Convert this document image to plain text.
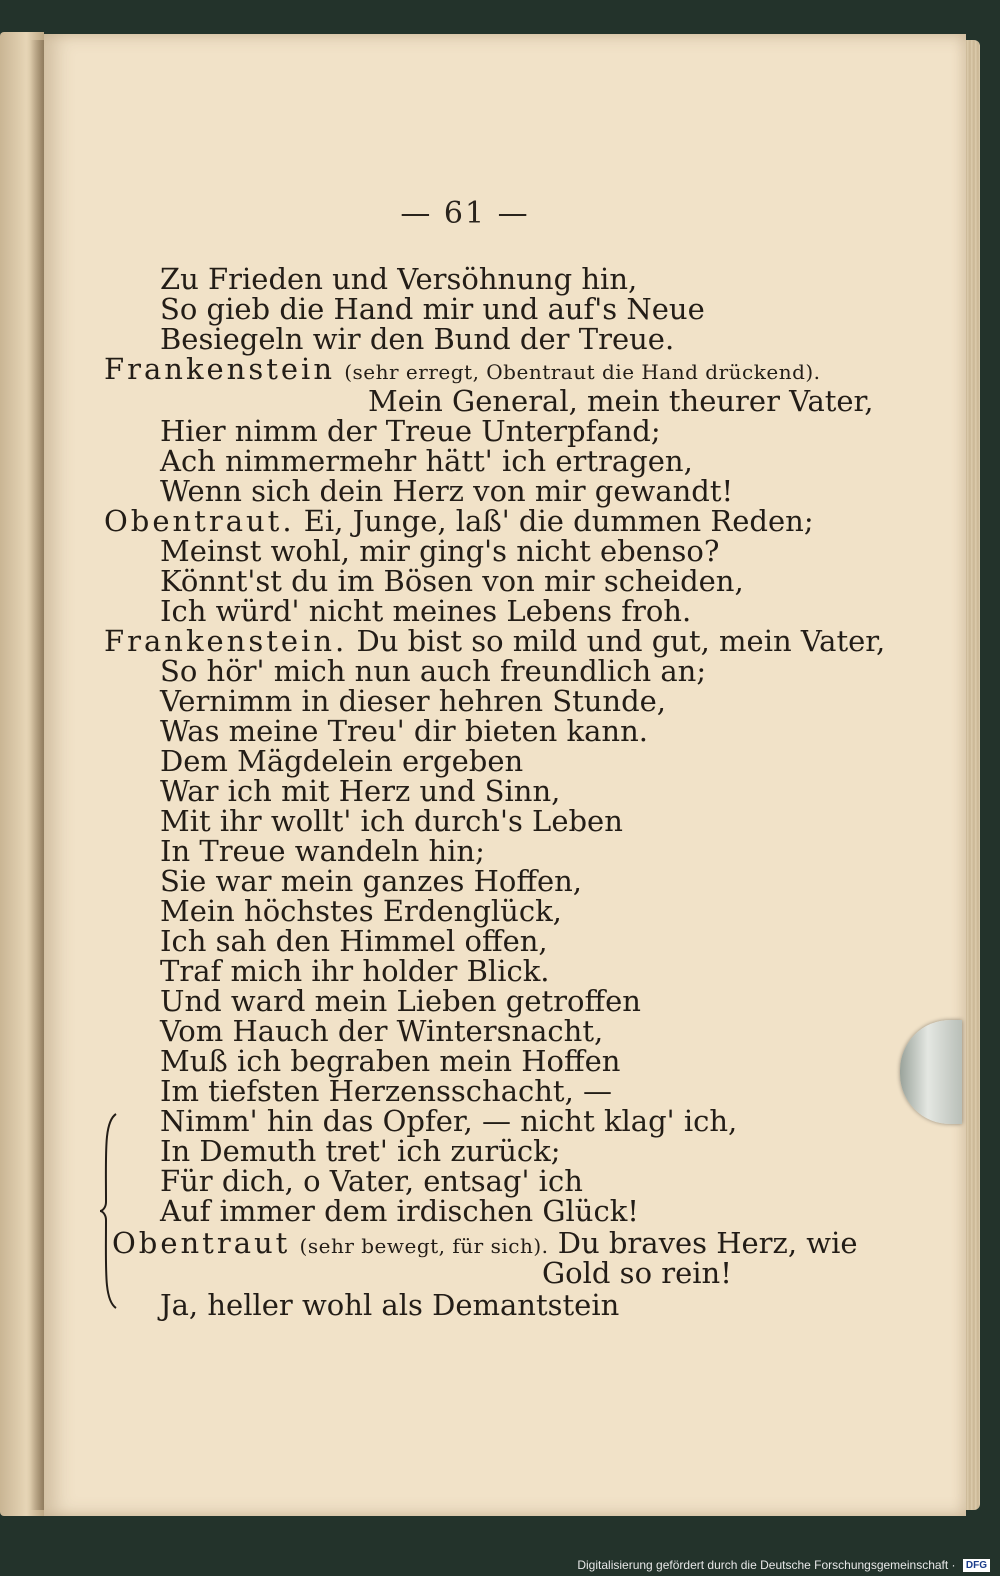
— 61 —
Zu Frieden und Versöhnung hin,
So gieb die Hand mir und auf's Neue
Besiegeln wir den Bund der Treue.
Frankenstein (sehr erregt, Obentraut die Hand drückend).
Mein General, mein theurer Vater,
Hier nimm der Treue Unterpfand;
Ach nimmermehr hätt' ich ertragen,
Wenn sich dein Herz von mir gewandt!
Obentraut. Ei, Junge, laß' die dummen Reden;
Meinst wohl, mir ging's nicht ebenso?
Könnt'st du im Bösen von mir scheiden,
Ich würd' nicht meines Lebens froh.
Frankenstein. Du bist so mild und gut, mein Vater,
So hör' mich nun auch freundlich an;
Vernimm in dieser hehren Stunde,
Was meine Treu' dir bieten kann.
Dem Mägdelein ergeben
War ich mit Herz und Sinn,
Mit ihr wollt' ich durch's Leben
In Treue wandeln hin;
Sie war mein ganzes Hoffen,
Mein höchstes Erdenglück,
Ich sah den Himmel offen,
Traf mich ihr holder Blick.
Und ward mein Lieben getroffen
Vom Hauch der Wintersnacht,
Muß ich begraben mein Hoffen
Im tiefsten Herzensschacht, —
Nimm' hin das Opfer, — nicht klag' ich,
In Demuth tret' ich zurück;
Für dich, o Vater, entsag' ich
Auf immer dem irdischen Glück!
Obentraut (sehr bewegt, für sich). Du braves Herz, wie
Gold so rein!
Ja, heller wohl als Demantstein
Digitalisierung gefördert durch die Deutsche Forschungsgemeinschaft · DFG
